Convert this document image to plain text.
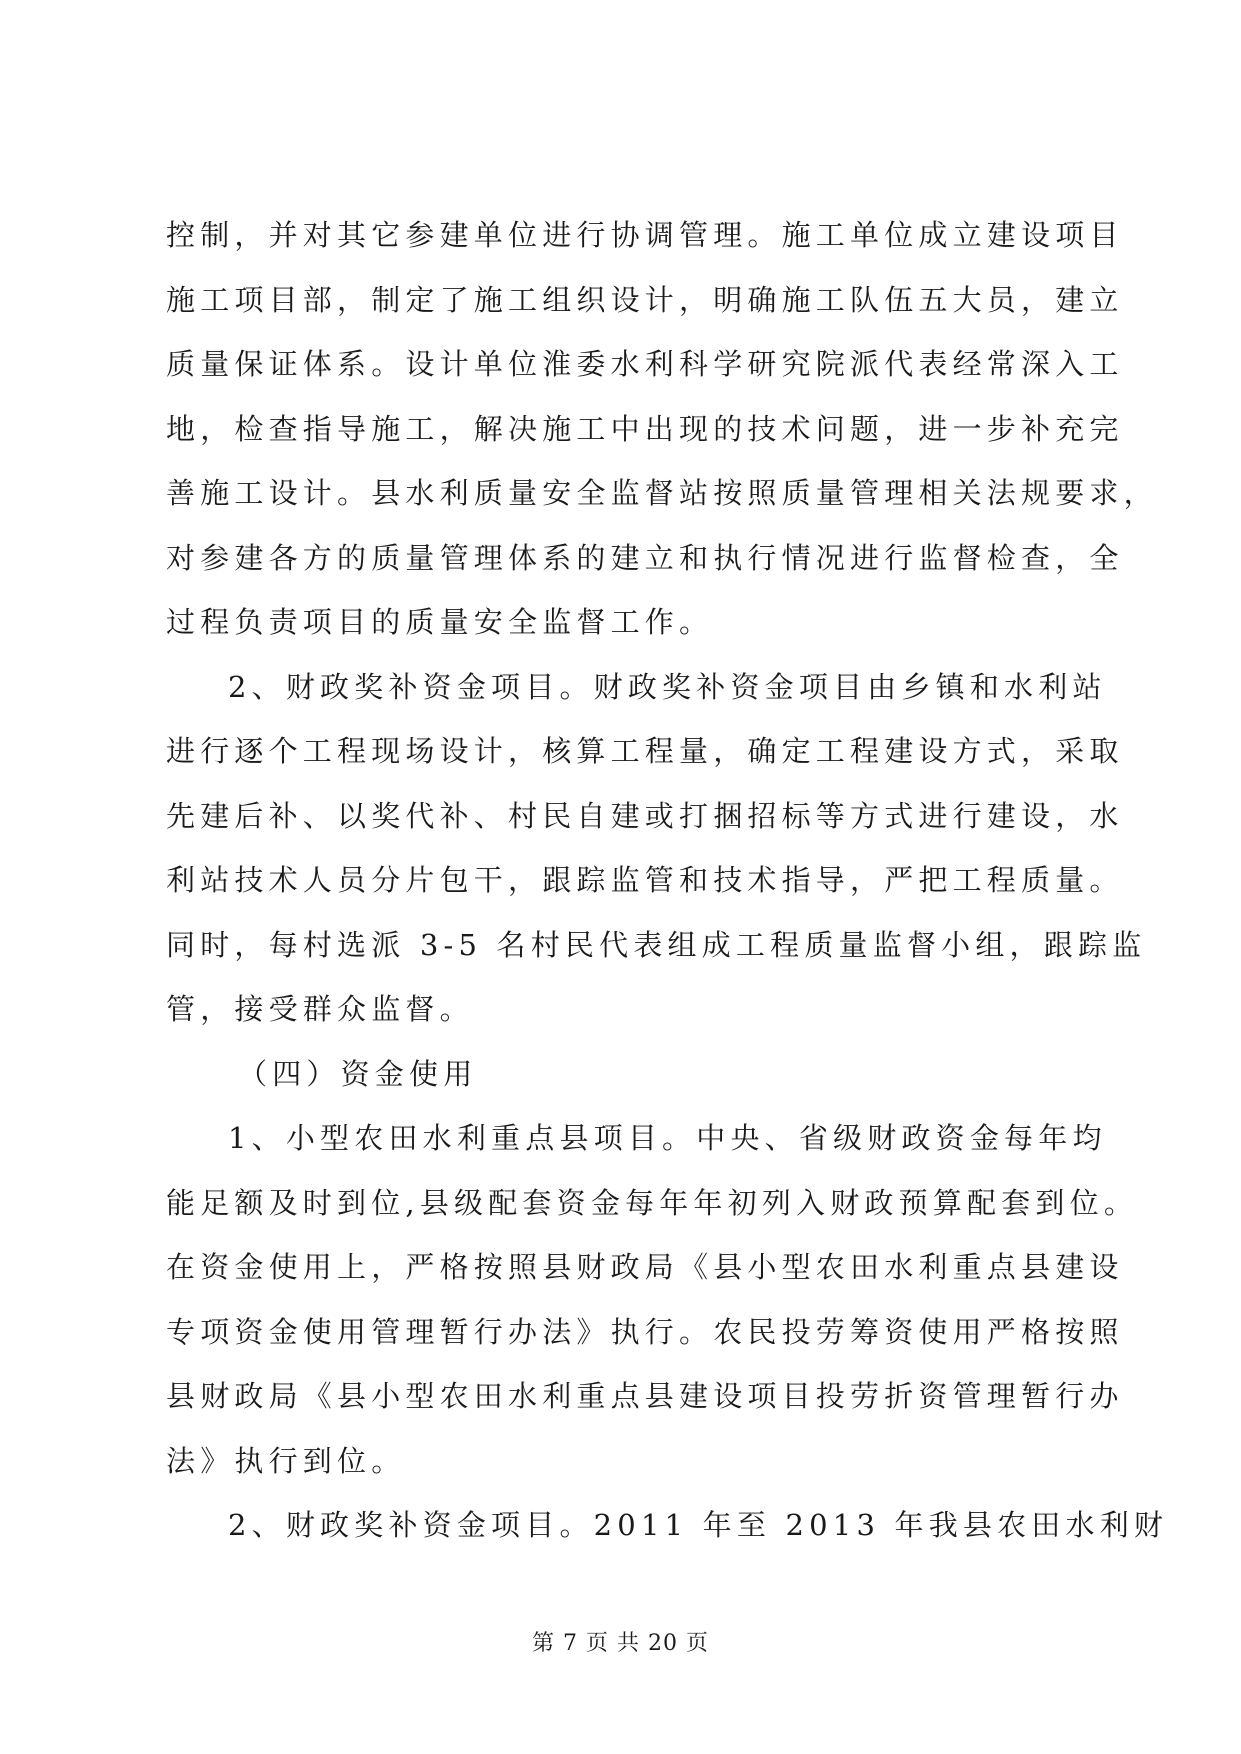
控制，并对其它参建单位进行协调管理。施工单位成立建设项目
施工项目部，制定了施工组织设计，明确施工队伍五大员，建立
质量保证体系。设计单位淮委水利科学研究院派代表经常深入工
地，检查指导施工，解决施工中出现的技术问题，进一步补充完
善施工设计。县水利质量安全监督站按照质量管理相关法规要求，
对参建各方的质量管理体系的建立和执行情况进行监督检查，全
过程负责项目的质量安全监督工作。
2、财政奖补资金项目。财政奖补资金项目由乡镇和水利站
进行逐个工程现场设计，核算工程量，确定工程建设方式，采取
先建后补、以奖代补、村民自建或打捆招标等方式进行建设，水
利站技术人员分片包干，跟踪监管和技术指导，严把工程质量。
同时，每村选派 3-5 名村民代表组成工程质量监督小组，跟踪监
管，接受群众监督。
（四）资金使用
1、小型农田水利重点县项目。中央、省级财政资金每年均
能足额及时到位,县级配套资金每年年初列入财政预算配套到位。
在资金使用上，严格按照县财政局《县小型农田水利重点县建设
专项资金使用管理暂行办法》执行。农民投劳筹资使用严格按照
县财政局《县小型农田水利重点县建设项目投劳折资管理暂行办
法》执行到位。
2、财政奖补资金项目。2011 年至 2013 年我县农田水利财
第 7 页 共 20 页
